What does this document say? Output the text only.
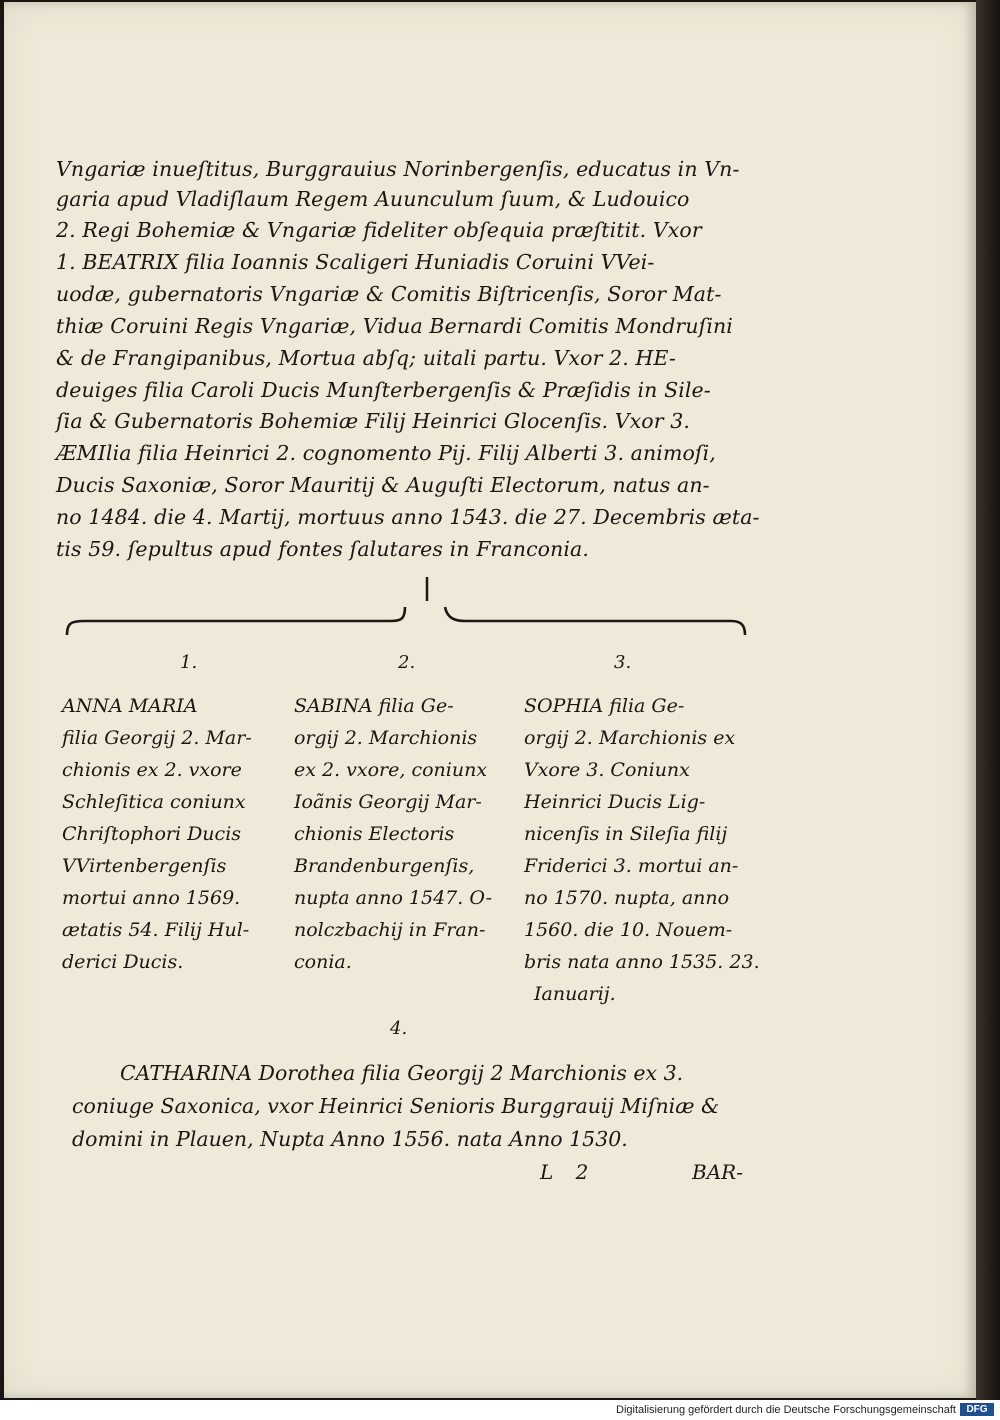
Vngariæ inueſtitus, Burggrauius Norinbergenſis, educatus in Vn-

garia apud Vladiſlaum Regem Auunculum ſuum, & Ludouico

2. Regi Bohemiæ & Vngariæ fideliter obſequia præſtitit. Vxor

1. BEATRIX filia Ioannis Scaligeri Huniadis Coruini VVei-

uodæ, gubernatoris Vngariæ & Comitis Biſtricenſis, Soror Mat-

thiæ Coruini Regis Vngariæ, Vidua Bernardi Comitis Mondruſini

& de Frangipanibus, Mortua abſq; uitali partu. Vxor 2. HE-

deuiges filia Caroli Ducis Munſterbergenſis & Præſidis in Sile-

ſia & Gubernatoris Bohemiæ Filij Heinrici Glocenſis. Vxor 3.

ÆMIlia filia Heinrici 2. cognomento Pij. Filij Alberti 3. animoſi,

Ducis Saxoniæ, Soror Mauritij & Auguſti Electorum, natus an-

no 1484. die 4. Martij, mortuus anno 1543. die 27. Decembris æta-

tis 59. ſepultus apud fontes ſalutares in Franconia.

1.

ANNA MARIA

filia Georgij 2. Mar-

chionis ex 2. vxore

Schleſitica coniunx

Chriſtophori Ducis

VVirtenbergenſis

mortui anno 1569.

ætatis 54. Filij Hul-

derici Ducis.

2.

SABINA filia Ge-

orgij 2. Marchionis

ex 2. vxore, coniunx

Ioãnis Georgij Mar-

chionis Electoris

Brandenburgenſis,

nupta anno 1547. O-

nolczbachij in Fran-

conia.

3.

SOPHIA filia Ge-

orgij 2. Marchionis ex

Vxore 3. Coniunx

Heinrici Ducis Lig-

nicenſis in Sileſia filij

Friderici 3. mortui an-

no 1570. nupta, anno

1560. die 10. Nouem-

bris nata anno 1535. 23.

Ianuarij.

4.

CATHARINA Dorothea filia Georgij 2 Marchionis ex 3.

coniuge Saxonica, vxor Heinrici Senioris Burggrauij Miſniæ &

domini in Plauen, Nupta Anno 1556. nata Anno 1530.

L 2	BAR-

Digitalisierung gefördert durch die Deutsche Forschungsgemeinschaft	DFG
